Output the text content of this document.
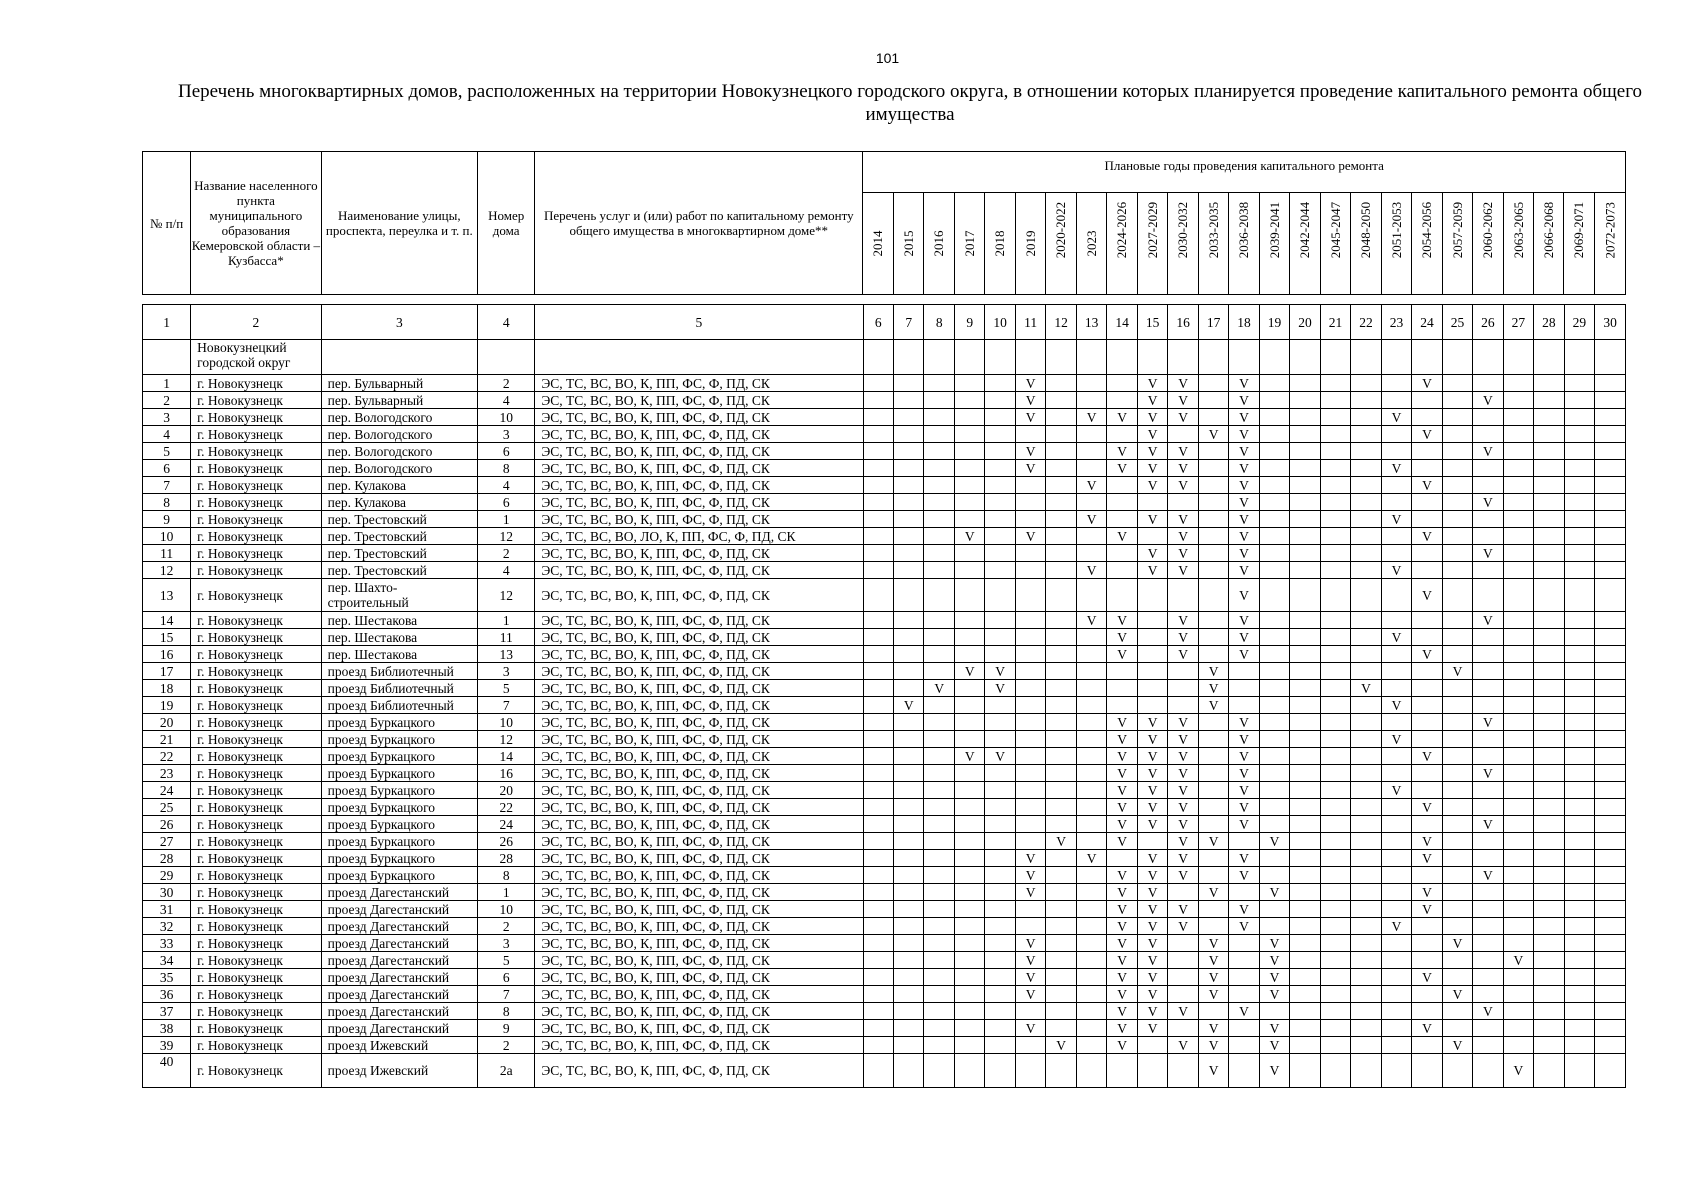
101
Перечень многоквартирных домов, расположенных на территории Новокузнецкого городского округа, в отношении которых планируется проведение капитального ремонта общего имущества
№ п/п	Название населенного пункта муниципального образования Кемеровской области – Кузбасса*	Наименование улицы, проспекта, переулка и т. п.	Номер дома	Перечень услуг и (или) работ по капитальному ремонту общего имущества в многоквартирном доме**	Плановые годы проведения капитального ремонта																								

					2014	2015	2016	2017	2018	2019	2020-2022	2023	2024-2026	2027-2029	2030-2032	2033-2035	2036-2038	2039-2041	2042-2044	2045-2047	2048-2050	2051-2053	2054-2056	2057-2059	2060-2062	2063-2065	2066-2068	2069-2071	2072-2073
1	2	3	4	5	6	7	8	9	10	11	12	13	14	15	16	17	18	19	20	21	22	23	24	25	26	27	28	29	30
	Новокузнецкий городской округ																												
1	г. Новокузнецк	пер. Бульварный	2	ЭС, ТС, ВС, ВО, К, ПП, ФС, Ф, ПД, СК						V				V	V		V						V						
2	г. Новокузнецк	пер. Бульварный	4	ЭС, ТС, ВС, ВО, К, ПП, ФС, Ф, ПД, СК						V				V	V		V								V				
3	г. Новокузнецк	пер. Вологодского	10	ЭС, ТС, ВС, ВО, К, ПП, ФС, Ф, ПД, СК						V		V	V	V	V		V					V							
4	г. Новокузнецк	пер. Вологодского	3	ЭС, ТС, ВС, ВО, К, ПП, ФС, Ф, ПД, СК										V		V	V						V						
5	г. Новокузнецк	пер. Вологодского	6	ЭС, ТС, ВС, ВО, К, ПП, ФС, Ф, ПД, СК						V			V	V	V		V								V				
6	г. Новокузнецк	пер. Вологодского	8	ЭС, ТС, ВС, ВО, К, ПП, ФС, Ф, ПД, СК						V			V	V	V		V					V							
7	г. Новокузнецк	пер. Кулакова	4	ЭС, ТС, ВС, ВО, К, ПП, ФС, Ф, ПД, СК								V		V	V		V						V						
8	г. Новокузнецк	пер. Кулакова	6	ЭС, ТС, ВС, ВО, К, ПП, ФС, Ф, ПД, СК													V								V				
9	г. Новокузнецк	пер. Трестовский	1	ЭС, ТС, ВС, ВО, К, ПП, ФС, Ф, ПД, СК								V		V	V		V					V							
10	г. Новокузнецк	пер. Трестовский	12	ЭС, ТС, ВС, ВО, ЛО, К, ПП, ФС, Ф, ПД, СК				V		V			V		V		V						V						
11	г. Новокузнецк	пер. Трестовский	2	ЭС, ТС, ВС, ВО, К, ПП, ФС, Ф, ПД, СК										V	V		V								V				
12	г. Новокузнецк	пер. Трестовский	4	ЭС, ТС, ВС, ВО, К, ПП, ФС, Ф, ПД, СК								V		V	V		V					V							
13	г. Новокузнецк	пер. Шахто-строительный	12	ЭС, ТС, ВС, ВО, К, ПП, ФС, Ф, ПД, СК													V						V						
14	г. Новокузнецк	пер. Шестакова	1	ЭС, ТС, ВС, ВО, К, ПП, ФС, Ф, ПД, СК								V	V		V		V								V				
15	г. Новокузнецк	пер. Шестакова	11	ЭС, ТС, ВС, ВО, К, ПП, ФС, Ф, ПД, СК									V		V		V					V							
16	г. Новокузнецк	пер. Шестакова	13	ЭС, ТС, ВС, ВО, К, ПП, ФС, Ф, ПД, СК									V		V		V						V						
17	г. Новокузнецк	проезд Библиотечный	3	ЭС, ТС, ВС, ВО, К, ПП, ФС, Ф, ПД, СК				V	V							V								V					
18	г. Новокузнецк	проезд Библиотечный	5	ЭС, ТС, ВС, ВО, К, ПП, ФС, Ф, ПД, СК			V		V							V					V								
19	г. Новокузнецк	проезд Библиотечный	7	ЭС, ТС, ВС, ВО, К, ПП, ФС, Ф, ПД, СК		V										V						V							
20	г. Новокузнецк	проезд Буркацкого	10	ЭС, ТС, ВС, ВО, К, ПП, ФС, Ф, ПД, СК									V	V	V		V								V				
21	г. Новокузнецк	проезд Буркацкого	12	ЭС, ТС, ВС, ВО, К, ПП, ФС, Ф, ПД, СК									V	V	V		V					V							
22	г. Новокузнецк	проезд Буркацкого	14	ЭС, ТС, ВС, ВО, К, ПП, ФС, Ф, ПД, СК				V	V				V	V	V		V						V						
23	г. Новокузнецк	проезд Буркацкого	16	ЭС, ТС, ВС, ВО, К, ПП, ФС, Ф, ПД, СК									V	V	V		V								V				
24	г. Новокузнецк	проезд Буркацкого	20	ЭС, ТС, ВС, ВО, К, ПП, ФС, Ф, ПД, СК									V	V	V		V					V							
25	г. Новокузнецк	проезд Буркацкого	22	ЭС, ТС, ВС, ВО, К, ПП, ФС, Ф, ПД, СК									V	V	V		V						V						
26	г. Новокузнецк	проезд Буркацкого	24	ЭС, ТС, ВС, ВО, К, ПП, ФС, Ф, ПД, СК									V	V	V		V								V				
27	г. Новокузнецк	проезд Буркацкого	26	ЭС, ТС, ВС, ВО, К, ПП, ФС, Ф, ПД, СК							V		V		V	V		V					V						
28	г. Новокузнецк	проезд Буркацкого	28	ЭС, ТС, ВС, ВО, К, ПП, ФС, Ф, ПД, СК						V		V		V	V		V						V						
29	г. Новокузнецк	проезд Буркацкого	8	ЭС, ТС, ВС, ВО, К, ПП, ФС, Ф, ПД, СК						V			V	V	V		V								V				
30	г. Новокузнецк	проезд Дагестанский	1	ЭС, ТС, ВС, ВО, К, ПП, ФС, Ф, ПД, СК						V			V	V		V		V					V						
31	г. Новокузнецк	проезд Дагестанский	10	ЭС, ТС, ВС, ВО, К, ПП, ФС, Ф, ПД, СК									V	V	V		V						V						
32	г. Новокузнецк	проезд Дагестанский	2	ЭС, ТС, ВС, ВО, К, ПП, ФС, Ф, ПД, СК									V	V	V		V					V							
33	г. Новокузнецк	проезд Дагестанский	3	ЭС, ТС, ВС, ВО, К, ПП, ФС, Ф, ПД, СК						V			V	V		V		V						V					
34	г. Новокузнецк	проезд Дагестанский	5	ЭС, ТС, ВС, ВО, К, ПП, ФС, Ф, ПД, СК						V			V	V		V		V								V			
35	г. Новокузнецк	проезд Дагестанский	6	ЭС, ТС, ВС, ВО, К, ПП, ФС, Ф, ПД, СК						V			V	V		V		V					V						
36	г. Новокузнецк	проезд Дагестанский	7	ЭС, ТС, ВС, ВО, К, ПП, ФС, Ф, ПД, СК						V			V	V		V		V						V					
37	г. Новокузнецк	проезд Дагестанский	8	ЭС, ТС, ВС, ВО, К, ПП, ФС, Ф, ПД, СК									V	V	V		V								V				
38	г. Новокузнецк	проезд Дагестанский	9	ЭС, ТС, ВС, ВО, К, ПП, ФС, Ф, ПД, СК						V			V	V		V		V					V						
39	г. Новокузнецк	проезд Ижевский	2	ЭС, ТС, ВС, ВО, К, ПП, ФС, Ф, ПД, СК							V		V		V	V		V						V					
40	г. Новокузнецк	проезд Ижевский	2а	ЭС, ТС, ВС, ВО, К, ПП, ФС, Ф, ПД, СК												V		V								V			
